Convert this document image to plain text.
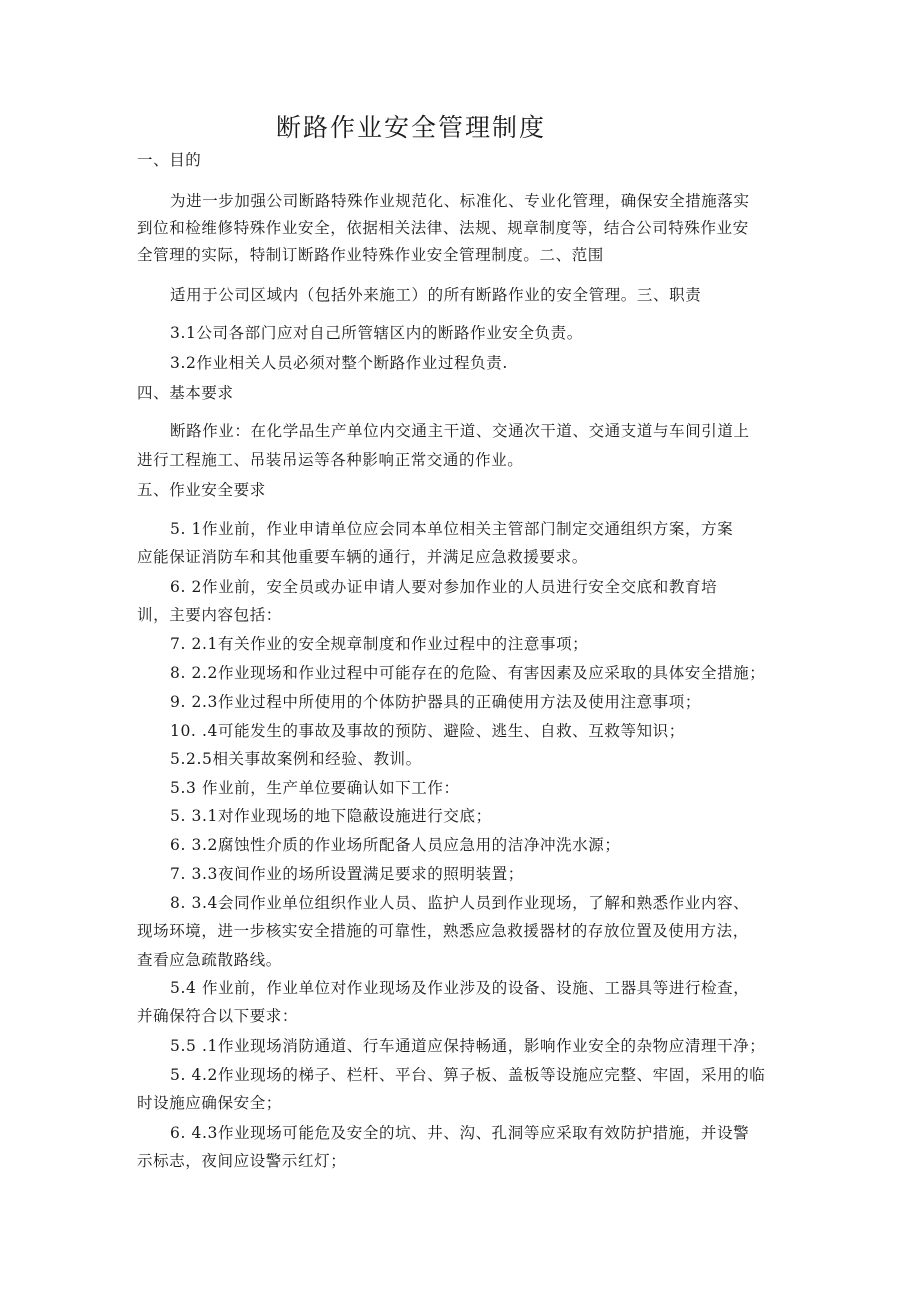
断路作业安全管理制度
一、目的
为进一步加强公司断路特殊作业规范化、标准化、专业化管理，确保安全措施落实
到位和检维修特殊作业安全，依据相关法律、法规、规章制度等，结合公司特殊作业安
全管理的实际，特制订断路作业特殊作业安全管理制度。二、范围
适用于公司区域内（包括外来施工）的所有断路作业的安全管理。三、职责
3.1公司各部门应对自己所管辖区内的断路作业安全负责。
3.2作业相关人员必须对整个断路作业过程负责.
四、基本要求
断路作业：在化学品生产单位内交通主干道、交通次干道、交通支道与车间引道上
进行工程施工、吊装吊运等各种影响正常交通的作业。
五、作业安全要求
5. 1作业前，作业申请单位应会同本单位相关主管部门制定交通组织方案，方案
应能保证消防车和其他重要车辆的通行，并满足应急救援要求。
6. 2作业前，安全员或办证申请人要对参加作业的人员进行安全交底和教育培
训，主要内容包括：
7. 2.1有关作业的安全规章制度和作业过程中的注意事项；
8. 2.2作业现场和作业过程中可能存在的危险、有害因素及应采取的具体安全措施；
9. 2.3作业过程中所使用的个体防护器具的正确使用方法及使用注意事项；
10. .4可能发生的事故及事故的预防、避险、逃生、自救、互救等知识；
5.2.5相关事故案例和经验、教训。
5.3 作业前，生产单位要确认如下工作：
5. 3.1对作业现场的地下隐蔽设施进行交底；
6. 3.2腐蚀性介质的作业场所配备人员应急用的洁净冲洗水源；
7. 3.3夜间作业的场所设置满足要求的照明装置；
8. 3.4会同作业单位组织作业人员、监护人员到作业现场，了解和熟悉作业内容、
现场环境，进一步核实安全措施的可靠性，熟悉应急救援器材的存放位置及使用方法，
查看应急疏散路线。
5.4 作业前，作业单位对作业现场及作业涉及的设备、设施、工器具等进行检查，
并确保符合以下要求：
5.5 .1作业现场消防通道、行车通道应保持畅通，影响作业安全的杂物应清理干净；
5. 4.2作业现场的梯子、栏杆、平台、箅子板、盖板等设施应完整、牢固，采用的临
时设施应确保安全；
6. 4.3作业现场可能危及安全的坑、井、沟、孔洞等应采取有效防护措施，并设警
示标志，夜间应设警示红灯；
